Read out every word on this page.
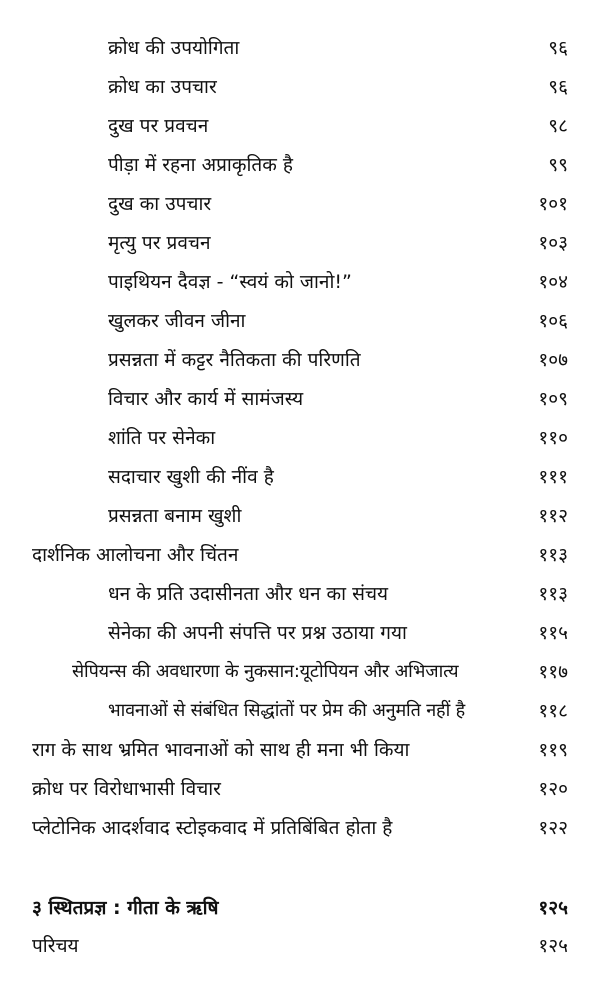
क्रोध की उपयोगिता	९६
क्रोध का उपचार	९६
दुख पर प्रवचन	९८
पीड़ा में रहना अप्राकृतिक है	९९
दुख का उपचार	१०१
मृत्यु पर प्रवचन	१०३
पाइथियन दैवज्ञ - “स्वयं को जानो!”	१०४
खुलकर जीवन जीना	१०६
प्रसन्नता में कट्टर नैतिकता की परिणति	१०७
विचार और कार्य में सामंजस्य	१०९
शांति पर सेनेका	११०
सदाचार खुशी की नींव है	१११
प्रसन्नता बनाम खुशी	११२
दार्शनिक आलोचना और चिंतन	११३
धन के प्रति उदासीनता और धन का संचय	११३
सेनेका की अपनी संपत्ति पर प्रश्न उठाया गया	११५
सेपियन्स की अवधारणा के नुकसान:यूटोपियन और अभिजात्य	११७
भावनाओं से संबंधित सिद्धांतों पर प्रेम की अनुमति नहीं है	११८
राग के साथ भ्रमित भावनाओं को साथ ही मना भी किया	११९
क्रोध पर विरोधाभासी विचार	१२०
प्लेटोनिक आदर्शवाद स्टोइकवाद में प्रतिबिंबित होता है	१२२
३ स्थितप्रज्ञ : गीता के ऋषि	१२५
परिचय	१२५
